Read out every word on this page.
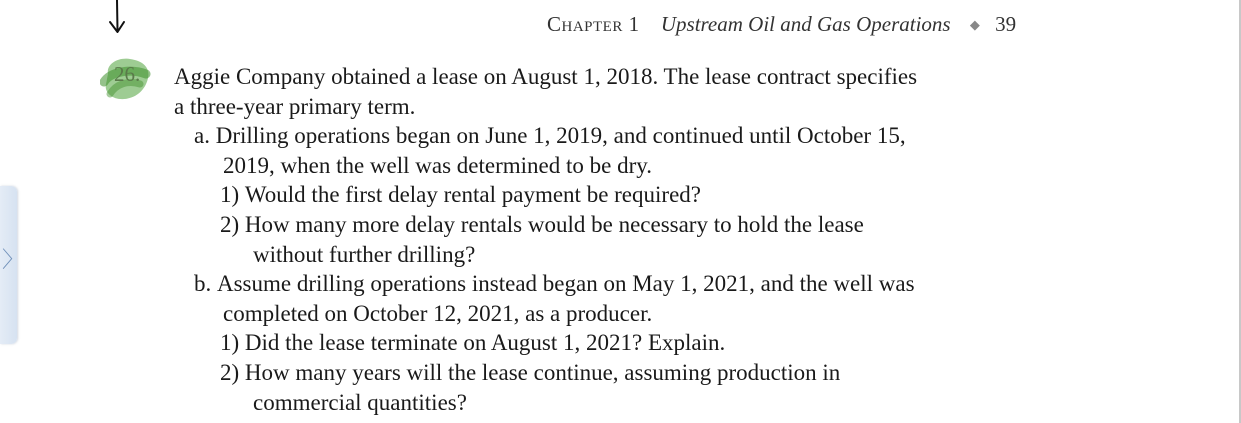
Chapter 1 Upstream Oil and Gas Operations ◆ 39
26. Aggie Company obtained a lease on August 1, 2018. The lease contract specifies
a three-year primary term.
a. Drilling operations began on June 1, 2019, and continued until October 15,
2019, when the well was determined to be dry.
1) Would the first delay rental payment be required?
2) How many more delay rentals would be necessary to hold the lease
without further drilling?
b. Assume drilling operations instead began on May 1, 2021, and the well was
completed on October 12, 2021, as a producer.
1) Did the lease terminate on August 1, 2021? Explain.
2) How many years will the lease continue, assuming production in
commercial quantities?
〉
